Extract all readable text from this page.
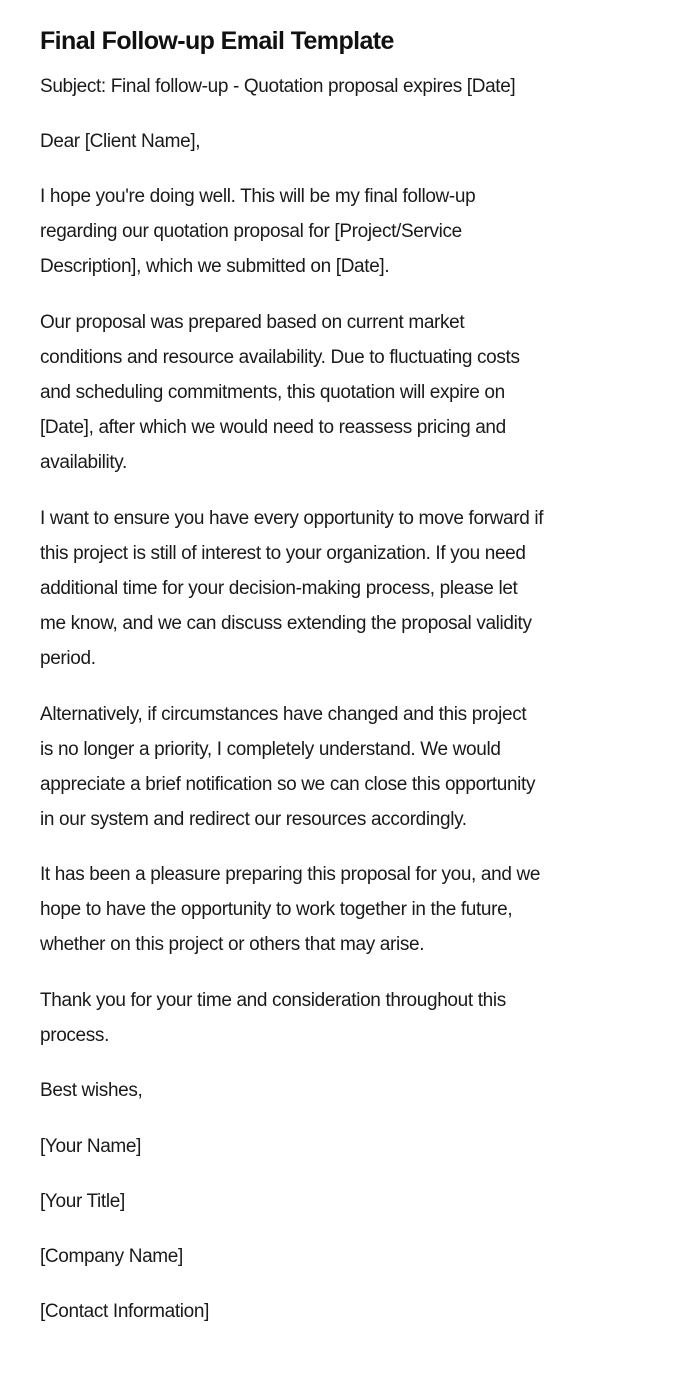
Final Follow-up Email Template

Subject: Final follow-up - Quotation proposal expires [Date]

Dear [Client Name],

I hope you're doing well. This will be my final follow-up
regarding our quotation proposal for [Project/Service
Description], which we submitted on [Date].

Our proposal was prepared based on current market
conditions and resource availability. Due to fluctuating costs
and scheduling commitments, this quotation will expire on
[Date], after which we would need to reassess pricing and
availability.

I want to ensure you have every opportunity to move forward if
this project is still of interest to your organization. If you need
additional time for your decision-making process, please let
me know, and we can discuss extending the proposal validity
period.

Alternatively, if circumstances have changed and this project
is no longer a priority, I completely understand. We would
appreciate a brief notification so we can close this opportunity
in our system and redirect our resources accordingly.

It has been a pleasure preparing this proposal for you, and we
hope to have the opportunity to work together in the future,
whether on this project or others that may arise.

Thank you for your time and consideration throughout this
process.

Best wishes,

[Your Name]

[Your Title]

[Company Name]

[Contact Information]
